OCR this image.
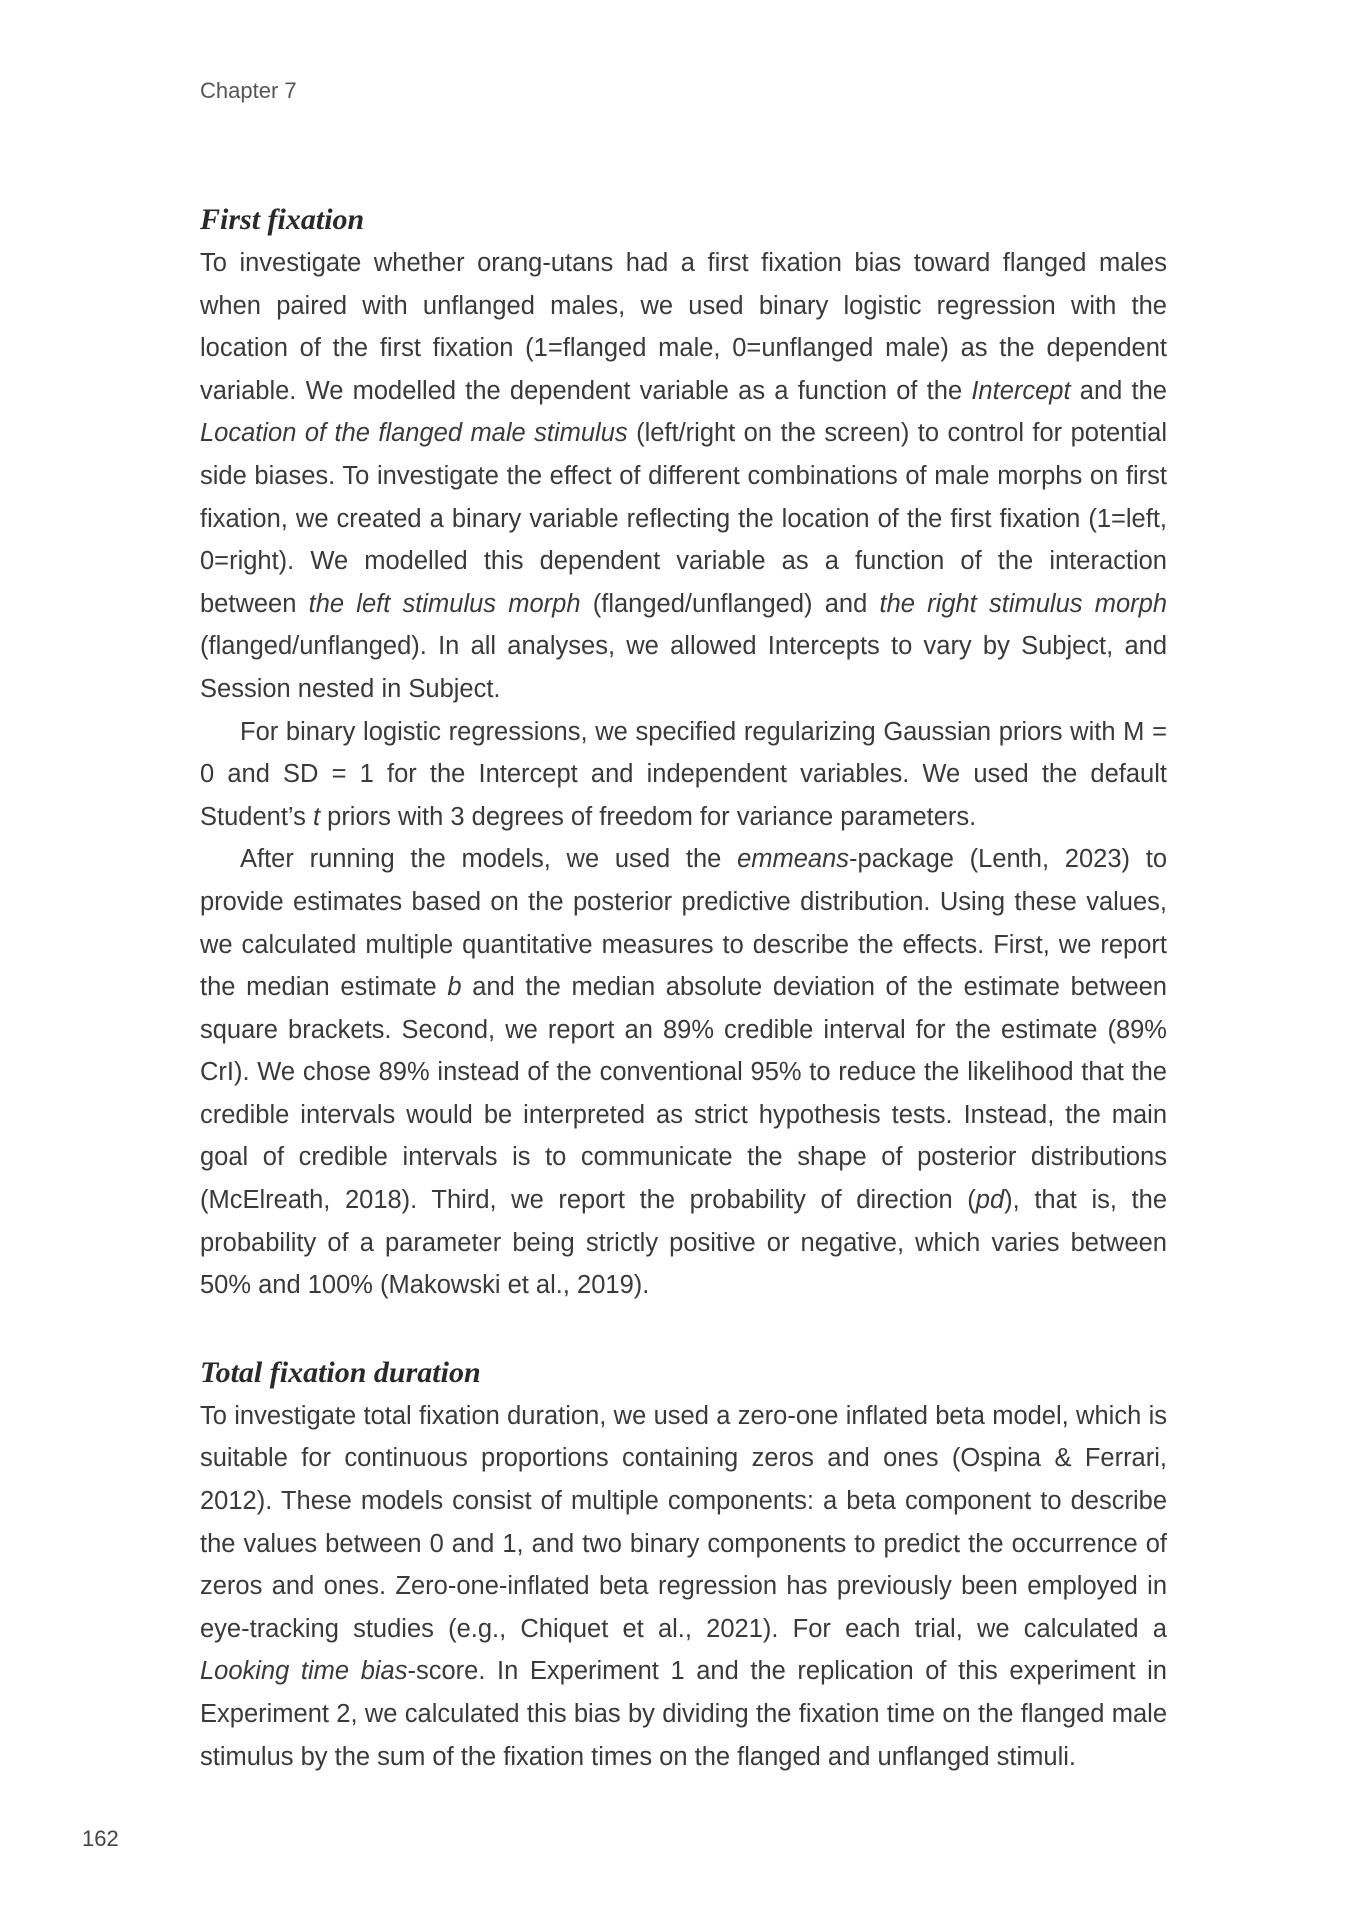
Chapter 7
First fixation

To investigate whether orang-utans had a first fixation bias toward flanged males when paired with unflanged males, we used binary logistic regression with the location of the first fixation (1=flanged male, 0=unflanged male) as the dependent variable. We modelled the dependent variable as a function of the Intercept and the Location of the flanged male stimulus (left/right on the screen) to control for potential side biases. To investigate the effect of different combinations of male morphs on first fixation, we created a binary variable reflecting the location of the first fixation (1=left, 0=right). We modelled this dependent variable as a function of the interaction between the left stimulus morph (flanged/unflanged) and the right stimulus morph (flanged/unflanged). In all analyses, we allowed Intercepts to vary by Subject, and Session nested in Subject.

For binary logistic regressions, we specified regularizing Gaussian priors with M = 0 and SD = 1 for the Intercept and independent variables. We used the default Student’s t priors with 3 degrees of freedom for variance parameters.

After running the models, we used the emmeans-package (Lenth, 2023) to provide estimates based on the posterior predictive distribution. Using these values, we calculated multiple quantitative measures to describe the effects. First, we report the median estimate b and the median absolute deviation of the estimate between square brackets. Second, we report an 89% credible interval for the estimate (89% CrI). We chose 89% instead of the conventional 95% to reduce the likelihood that the credible intervals would be interpreted as strict hypothesis tests. Instead, the main goal of credible intervals is to communicate the shape of posterior distributions (McElreath, 2018). Third, we report the probability of direction (pd), that is, the probability of a parameter being strictly positive or negative, which varies between 50% and 100% (Makowski et al., 2019).

Total fixation duration

To investigate total fixation duration, we used a zero-one inflated beta model, which is suitable for continuous proportions containing zeros and ones (Ospina & Ferrari, 2012). These models consist of multiple components: a beta component to describe the values between 0 and 1, and two binary components to predict the occurrence of zeros and ones. Zero-one-inflated beta regression has previously been employed in eye-tracking studies (e.g., Chiquet et al., 2021). For each trial, we calculated a Looking time bias-score. In Experiment 1 and the replication of this experiment in Experiment 2, we calculated this bias by dividing the fixation time on the flanged male stimulus by the sum of the fixation times on the flanged and unflanged stimuli.

162
